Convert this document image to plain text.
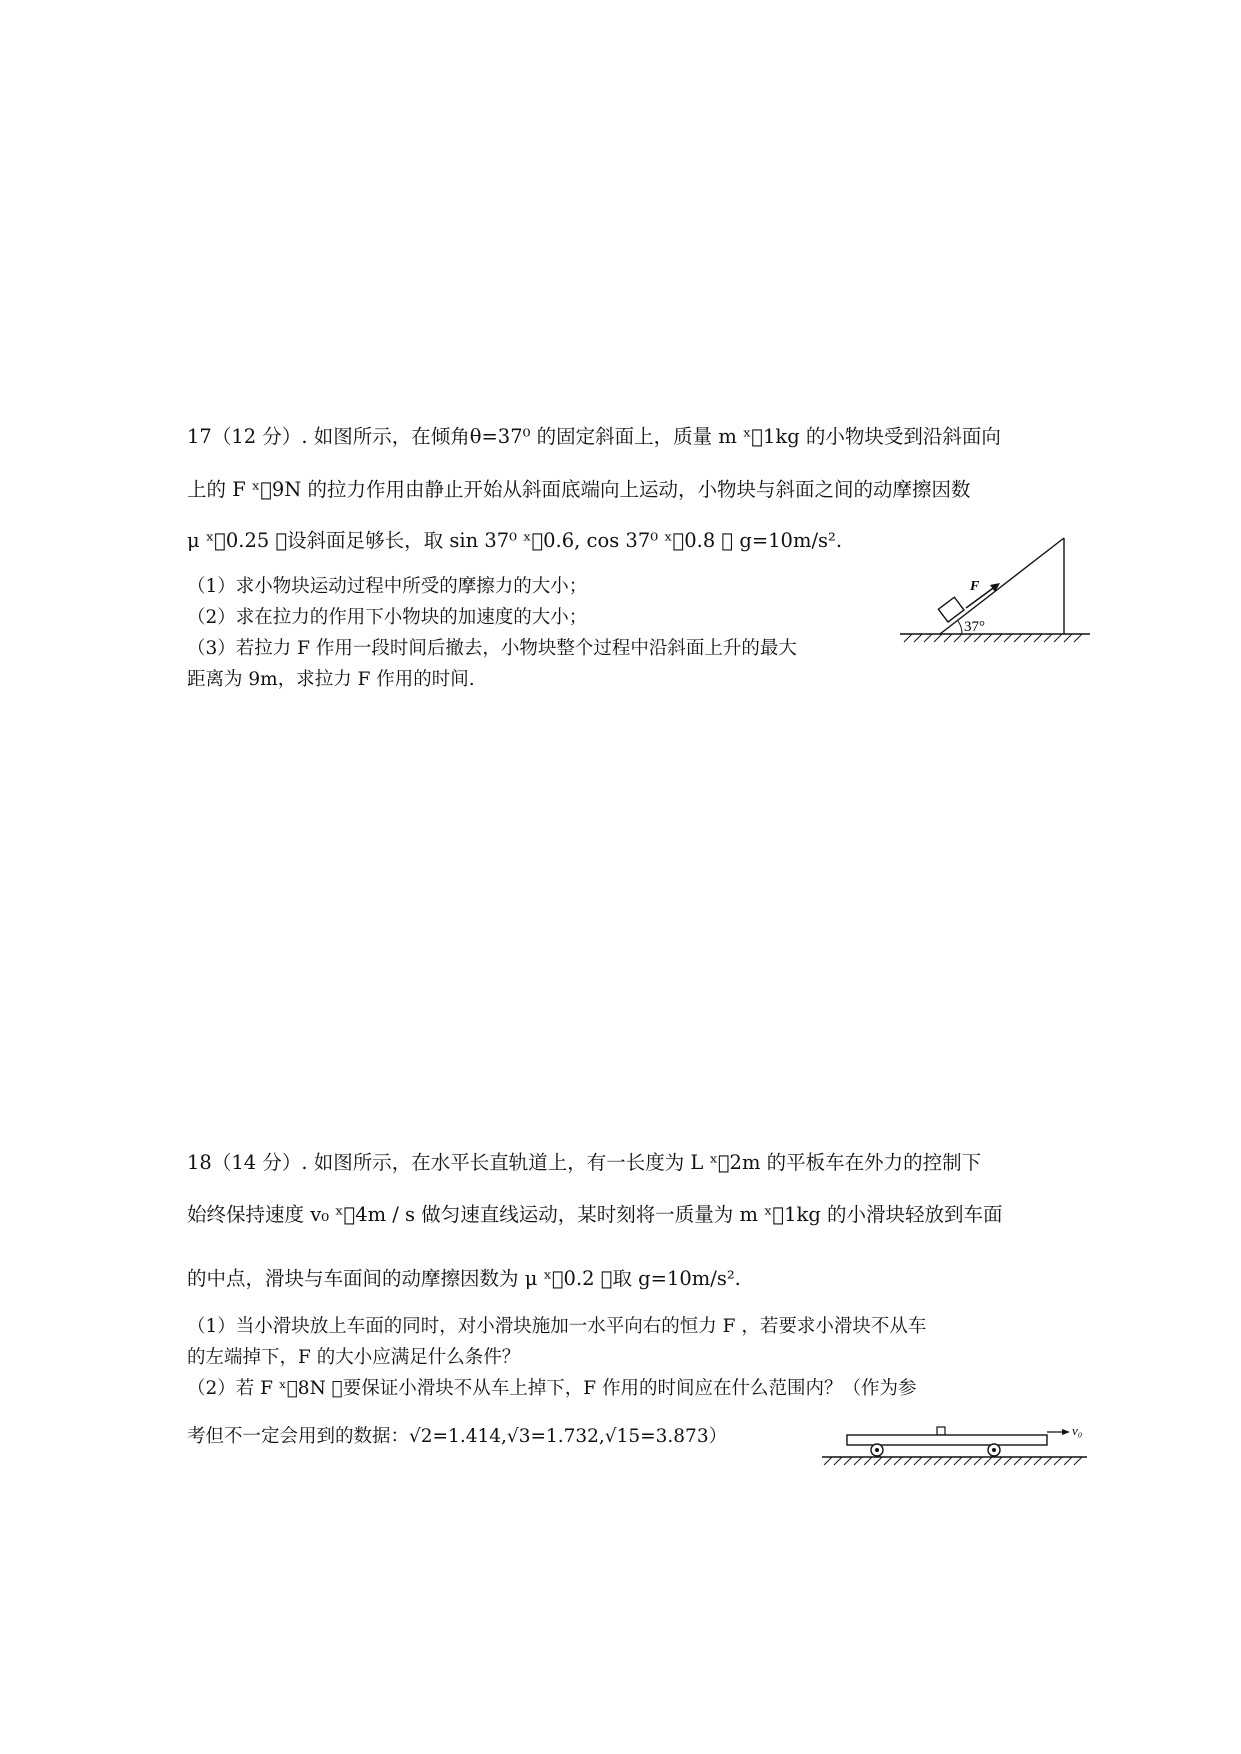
17（12 分）. 如图所示，在倾角θ=37⁰ 的固定斜面上，质量 m ˣ᪲1kg 的小物块受到沿斜面向
上的 F ˣ᪲9N 的拉力作用由静止开始从斜面底端向上运动，小物块与斜面之间的动摩擦因数
μ ˣ᪲0.25 ，设斜面足够长，取 sin 37⁰ ˣ᪲0.6, cos 37⁰ ˣ᪲0.8 ， g=10m/s².
（1）求小物块运动过程中所受的摩擦力的大小；
（2）求在拉力的作用下小物块的加速度的大小；
（3）若拉力 F 作用一段时间后撤去，小物块整个过程中沿斜面上升的最大
距离为 9m，求拉力 F 作用的时间.
F
37°
18（14 分）. 如图所示，在水平长直轨道上，有一长度为 L ˣ᪲2m 的平板车在外力的控制下
始终保持速度 v₀ ˣ᪲4m / s 做匀速直线运动，某时刻将一质量为 m ˣ᪲1kg 的小滑块轻放到车面
的中点，滑块与车面间的动摩擦因数为 μ ˣ᪲0.2 ，取 g=10m/s².
（1）当小滑块放上车面的同时，对小滑块施加一水平向右的恒力 F ，若要求小滑块不从车
的左端掉下，F 的大小应满足什么条件？
（2）若 F ˣ᪲8N ，要保证小滑块不从车上掉下，F 作用的时间应在什么范围内？（作为参
考但不一定会用到的数据：√2=1.414,√3=1.732,√15=3.873）	v₀
